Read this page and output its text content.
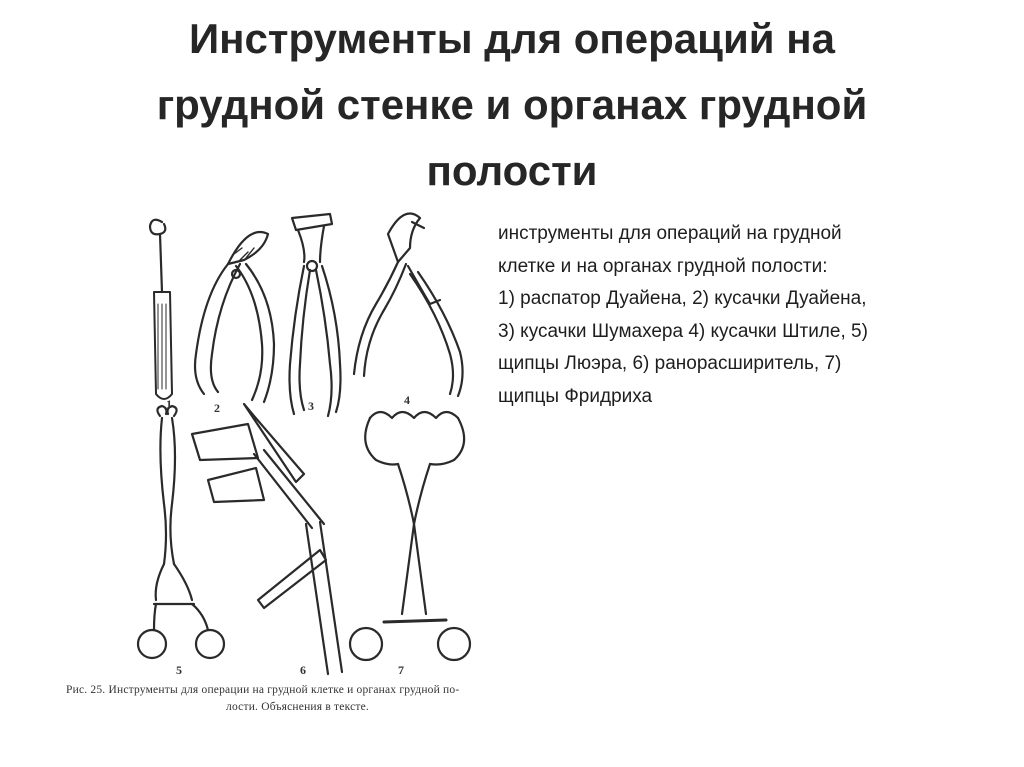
Инструменты для операций на
грудной стенке и органах грудной
полости
1	2	3	4
5	6	7
Рис. 25. Инструменты для операции на грудной клетке и органах грудной по-
лости. Объяснения в тексте.
инструменты для операций на грудной
клетке и на органах грудной полости:
1) распатор Дуайена, 2) кусачки Дуайена,
3) кусачки Шумахера 4) кусачки Штиле, 5)
щипцы Люэра, 6) ранорасширитель, 7)
щипцы Фридриха
